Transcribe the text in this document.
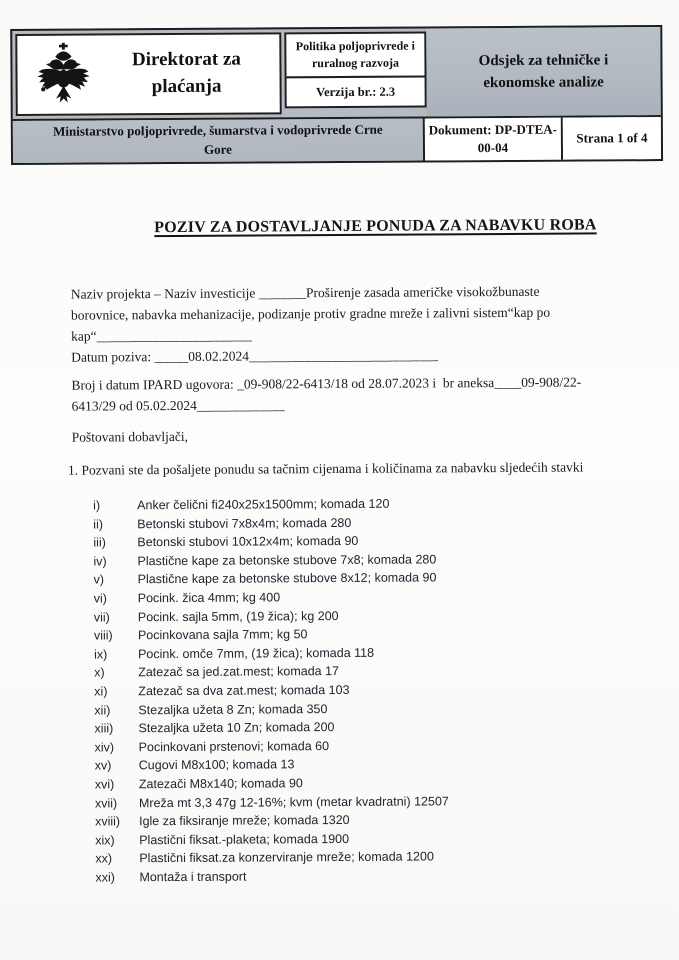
Direktorat za
plaćanja
Politika poljoprivrede i
ruralnog razvoja
Verzija br.: 2.3
Odsjek za tehničke i
ekonomske analize
Ministarstvo poljoprivrede, šumarstva i vodoprivrede Crne
Gore
Dokument: DP-DTEA-
00-04
Strana 1 of 4
POZIV ZA DOSTAVLJANJE PONUDA ZA NABAVKU ROBA
Naziv projekta – Naziv investicije _______Proširenje zasada američke visokožbunaste
borovnice, nabavka mehanizacije, podizanje protiv gradne mreže i zalivni sistem“kap po
kap“_______________________
Datum poziva: _____08.02.2024____________________________
Broj i datum IPARD ugovora: _09-908/22-6413/18 od 28.07.2023 i  br aneksa____09-908/22-
6413/29 od 05.02.2024_____________
Poštovani dobavljači,
1. Pozvani ste da pošaljete ponudu sa tačnim cijenama i količinama za nabavku sljedećih stavki
i)	Anker čelični fi240x25x1500mm; komada 120
ii)	Betonski stubovi 7x8x4m; komada 280
iii)	Betonski stubovi 10x12x4m; komada 90
iv)	Plastične kape za betonske stubove 7x8; komada 280
v)	Plastične kape za betonske stubove 8x12; komada 90
vi)	Pocink. žica 4mm; kg 400
vii)	Pocink. sajla 5mm, (19 žica); kg 200
viii)	Pocinkovana sajla 7mm; kg 50
ix)	Pocink. omče 7mm, (19 žica); komada 118
x)	Zatezač sa jed.zat.mest; komada 17
xi)	Zatezač sa dva zat.mest; komada 103
xii)	Stezaljka užeta 8 Zn; komada 350
xiii)	Stezaljka užeta 10 Zn; komada 200
xiv)	Pocinkovani prstenovi; komada 60
xv)	Cugovi M8x100; komada 13
xvi)	Zatezači M8x140; komada 90
xvii)	Mreža mt 3,3 47g 12-16%; kvm (metar kvadratni) 12507
xviii)	Igle za fiksiranje mreže; komada 1320
xix)	Plastični fiksat.-plaketa; komada 1900
xx)	Plastični fiksat.za konzerviranje mreže; komada 1200
xxi)	Montaža i transport
